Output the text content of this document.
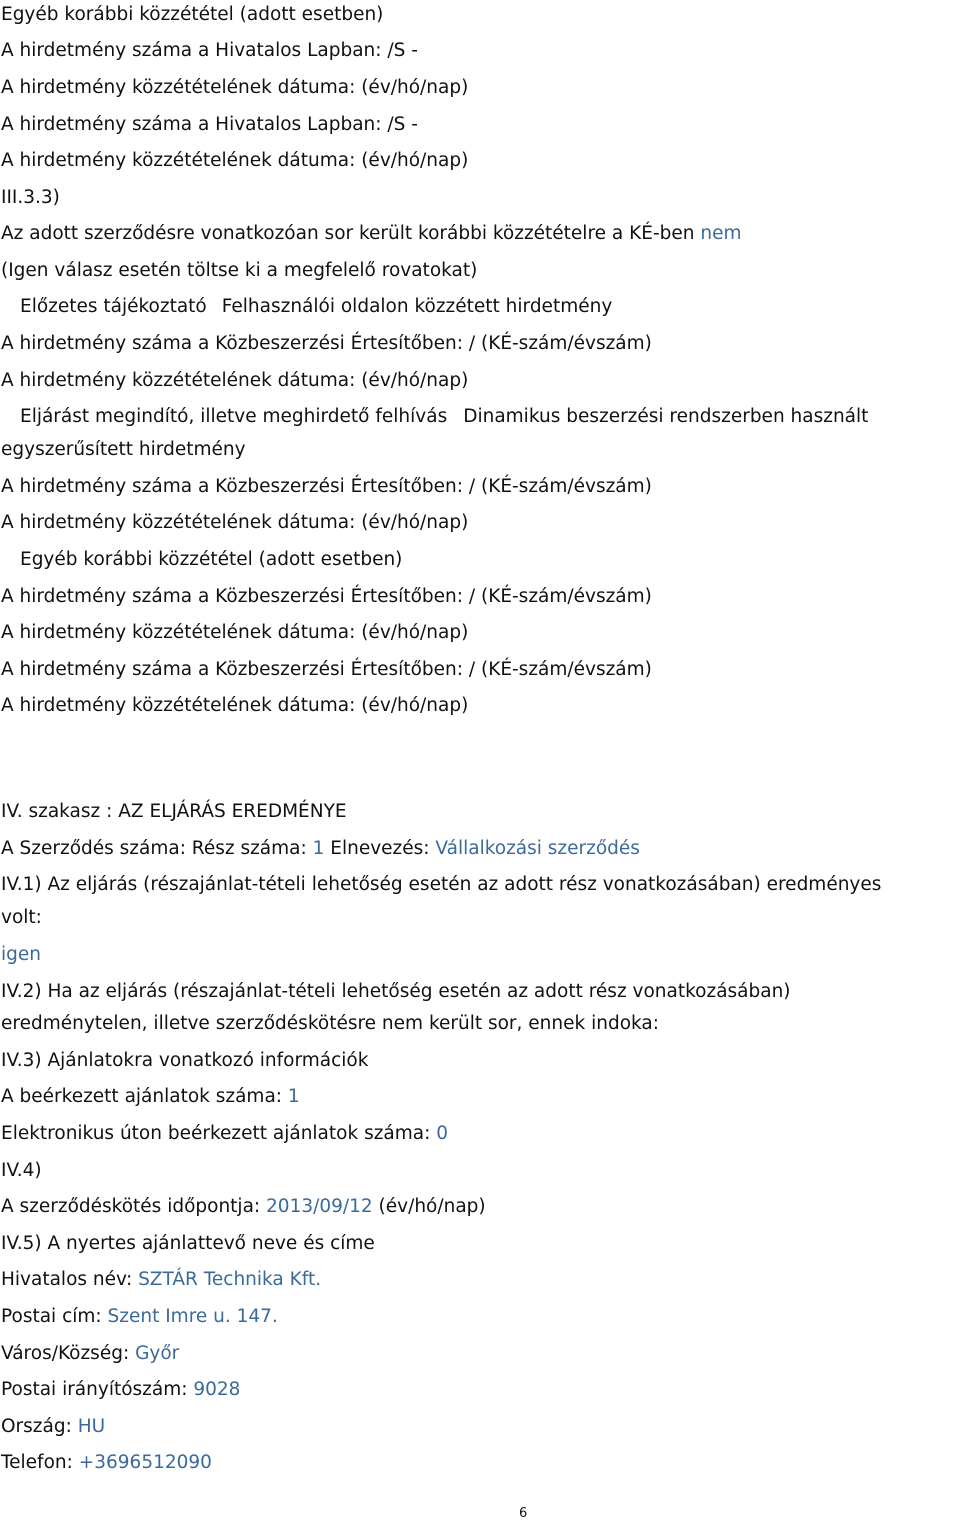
Egyéb korábbi közzététel (adott esetben)
A hirdetmény száma a Hivatalos Lapban: /S -
A hirdetmény közzétételének dátuma: (év/hó/nap)
A hirdetmény száma a Hivatalos Lapban: /S -
A hirdetmény közzétételének dátuma: (év/hó/nap)
III.3.3)
Az adott szerződésre vonatkozóan sor került korábbi közzétételre a KÉ-ben nem
(Igen válasz esetén töltse ki a megfelelő rovatokat)
Előzetes tájékoztató Felhasználói oldalon közzétett hirdetmény
A hirdetmény száma a Közbeszerzési Értesítőben: / (KÉ-szám/évszám)
A hirdetmény közzétételének dátuma: (év/hó/nap)
Eljárást megindító, illetve meghirdető felhívás Dinamikus beszerzési rendszerben használt
egyszerűsített hirdetmény
A hirdetmény száma a Közbeszerzési Értesítőben: / (KÉ-szám/évszám)
A hirdetmény közzétételének dátuma: (év/hó/nap)
Egyéb korábbi közzététel (adott esetben)
A hirdetmény száma a Közbeszerzési Értesítőben: / (KÉ-szám/évszám)
A hirdetmény közzétételének dátuma: (év/hó/nap)
A hirdetmény száma a Közbeszerzési Értesítőben: / (KÉ-szám/évszám)
A hirdetmény közzétételének dátuma: (év/hó/nap)
IV. szakasz : AZ ELJÁRÁS EREDMÉNYE
A Szerződés száma: Rész száma: 1 Elnevezés: Vállalkozási szerződés
IV.1) Az eljárás (részajánlat-tételi lehetőség esetén az adott rész vonatkozásában) eredményes
volt:
igen
IV.2) Ha az eljárás (részajánlat-tételi lehetőség esetén az adott rész vonatkozásában)
eredménytelen, illetve szerződéskötésre nem került sor, ennek indoka:
IV.3) Ajánlatokra vonatkozó információk
A beérkezett ajánlatok száma: 1
Elektronikus úton beérkezett ajánlatok száma: 0
IV.4)
A szerződéskötés időpontja: 2013/09/12 (év/hó/nap)
IV.5) A nyertes ajánlattevő neve és címe
Hivatalos név: SZTÁR Technika Kft.
Postai cím: Szent Imre u. 147.
Város/Község: Győr
Postai irányítószám: 9028
Ország: HU
Telefon: +3696512090
6
